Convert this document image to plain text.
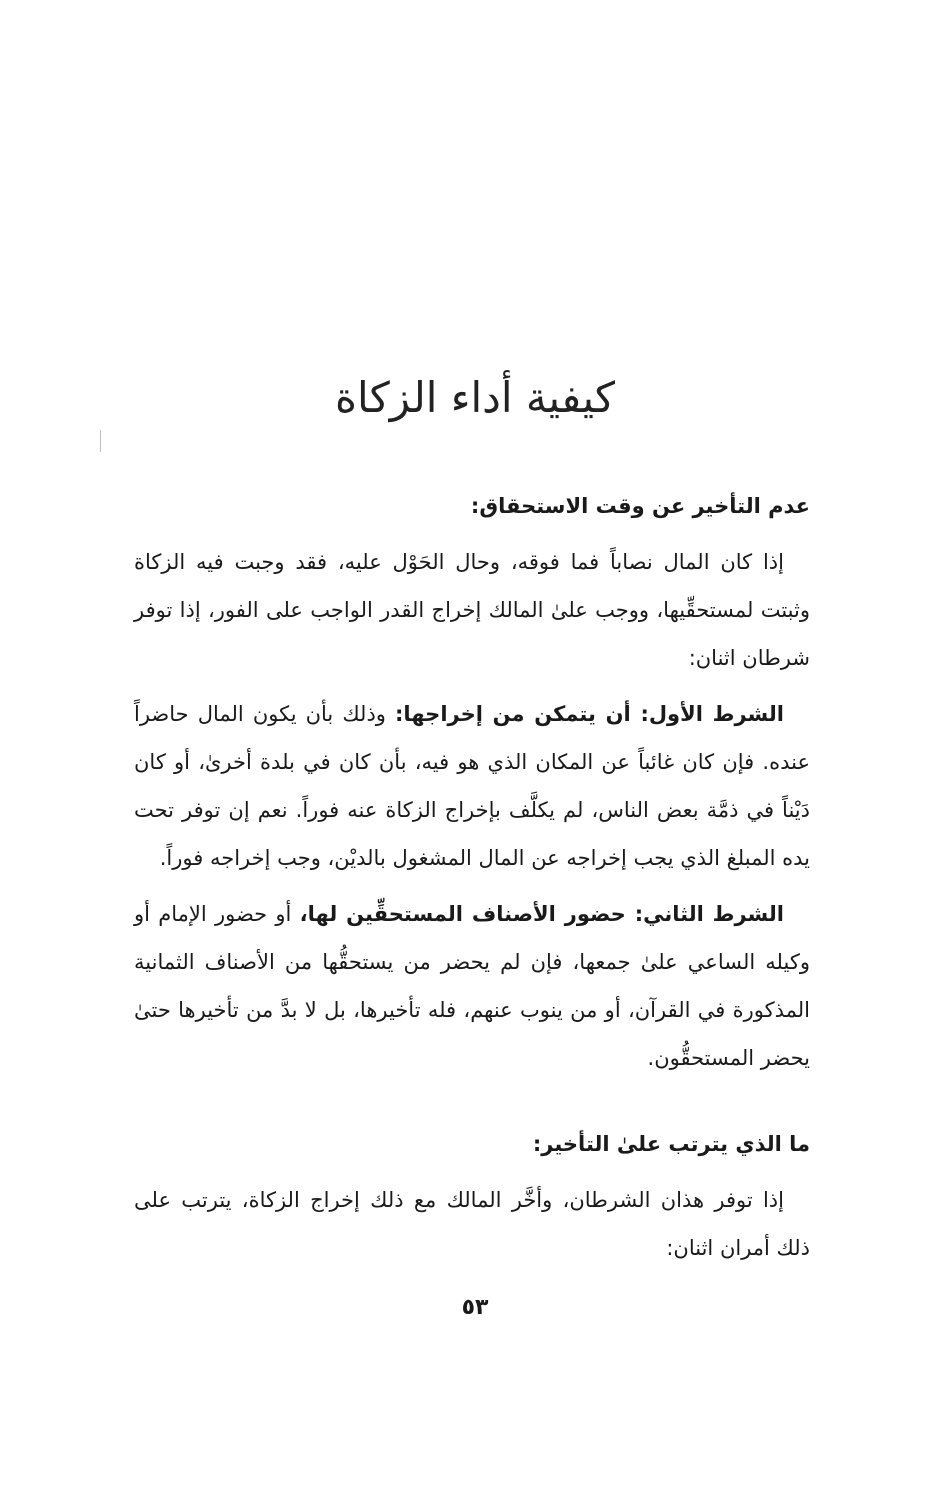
كيفية أداء الزكاة
عدم التأخير عن وقت الاستحقاق:

إذا كان المال نصاباً فما فوقه، وحال الحَوْل عليه، فقد وجبت فيه الزكاة وثبتت لمستحقِّيها، ووجب علىٰ المالك إخراج القدر الواجب على الفور، إذا توفر شرطان اثنان:

الشرط الأول: أن يتمكن من إخراجها: وذلك بأن يكون المال حاضراً عنده. فإن كان غائباً عن المكان الذي هو فيه، بأن كان في بلدة أخرىٰ، أو كان دَيْناً في ذمَّة بعض الناس، لم يكلَّف بإخراج الزكاة عنه فوراً. نعم إن توفر تحت يده المبلغ الذي يجب إخراجه عن المال المشغول بالديْن، وجب إخراجه فوراً.

الشرط الثاني: حضور الأصناف المستحقِّين لها، أو حضور الإمام أو وكيله الساعي علىٰ جمعها، فإن لم يحضر من يستحقُّها من الأصناف الثمانية المذكورة في القرآن، أو من ينوب عنهم، فله تأخيرها، بل لا بدَّ من تأخيرها حتىٰ يحضر المستحقُّون.

ما الذي يترتب علىٰ التأخير:

إذا توفر هذان الشرطان، وأخَّر المالك مع ذلك إخراج الزكاة، يترتب على ذلك أمران اثنان:

٥٣
